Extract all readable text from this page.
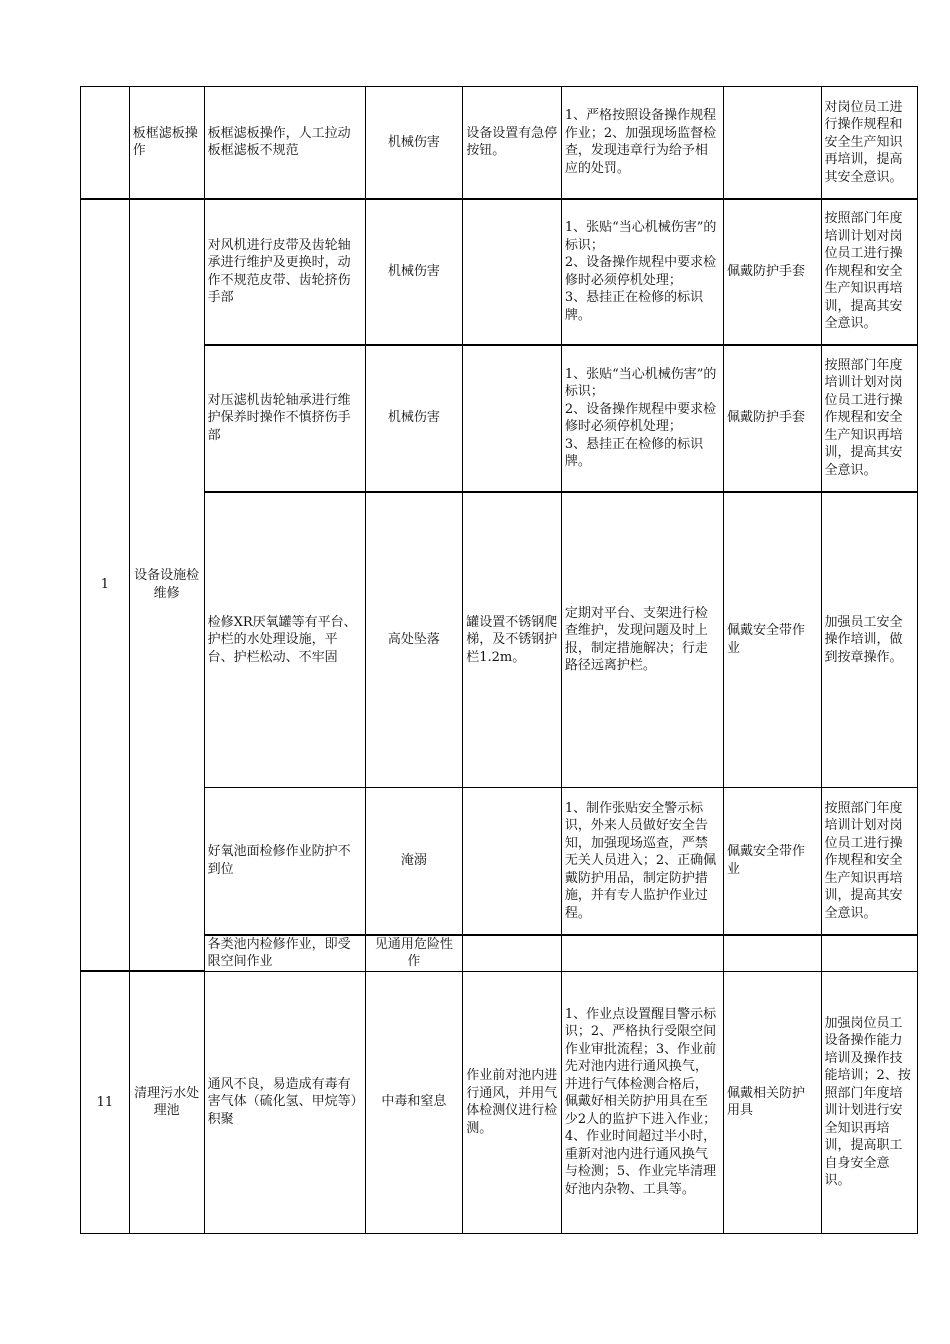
	板框滤板操作	板框滤板操作，人工拉动板框滤板不规范	机械伤害	设备设置有急停按钮。	1、严格按照设备操作规程作业；2、加强现场监督检查，发现违章行为给予相应的处罚。		对岗位员工进行操作规程和安全生产知识再培训，提高其安全意识。
1	设备设施检维修	对风机进行皮带及齿轮轴承进行维护及更换时，动作不规范皮带、齿轮挤伤手部	机械伤害		1、张贴“当心机械伤害”的标识；
2、设备操作规程中要求检修时必须停机处理；
3、悬挂正在检修的标识牌。	佩戴防护手套	按照部门年度培训计划对岗位员工进行操作规程和安全生产知识再培训，提高其安全意识。
		对压滤机齿轮轴承进行维护保养时操作不慎挤伤手部	机械伤害		1、张贴“当心机械伤害”的标识；
2、设备操作规程中要求检修时必须停机处理；
3、悬挂正在检修的标识牌。	佩戴防护手套	按照部门年度培训计划对岗位员工进行操作规程和安全生产知识再培训，提高其安全意识。
		检修XR厌氧罐等有平台、护栏的水处理设施，平台、护栏松动、不牢固	高处坠落	罐设置不锈钢爬梯，及不锈钢护栏1.2m。	定期对平台、支架进行检查维护，发现问题及时上报，制定措施解决；行走路径远离护栏。	佩戴安全带作业	加强员工安全操作培训，做到按章操作。
		好氧池面检修作业防护不到位	淹溺		1、制作张贴安全警示标识，外来人员做好安全告知，加强现场巡查，严禁无关人员进入；2、正确佩戴防护用品，制定防护措施，并有专人监护作业过程。	佩戴安全带作业	按照部门年度培训计划对岗位员工进行操作规程和安全生产知识再培训，提高其安全意识。
		各类池内检修作业，即受限空间作业	见通用危险性作				
11	清理污水处理池	通风不良，易造成有毒有害气体（硫化氢、甲烷等）积聚	中毒和窒息	作业前对池内进行通风，并用气体检测仪进行检测。	1、作业点设置醒目警示标识；2、严格执行受限空间作业审批流程；3、作业前先对池内进行通风换气，并进行气体检测合格后，佩戴好相关防护用具在至少2人的监护下进入作业；4、作业时间超过半小时，重新对池内进行通风换气与检测；5、作业完毕清理好池内杂物、工具等。	佩戴相关防护用具	加强岗位员工设备操作能力培训及操作技能培训；2、按照部门年度培训计划进行安全知识再培训，提高职工自身安全意识。
